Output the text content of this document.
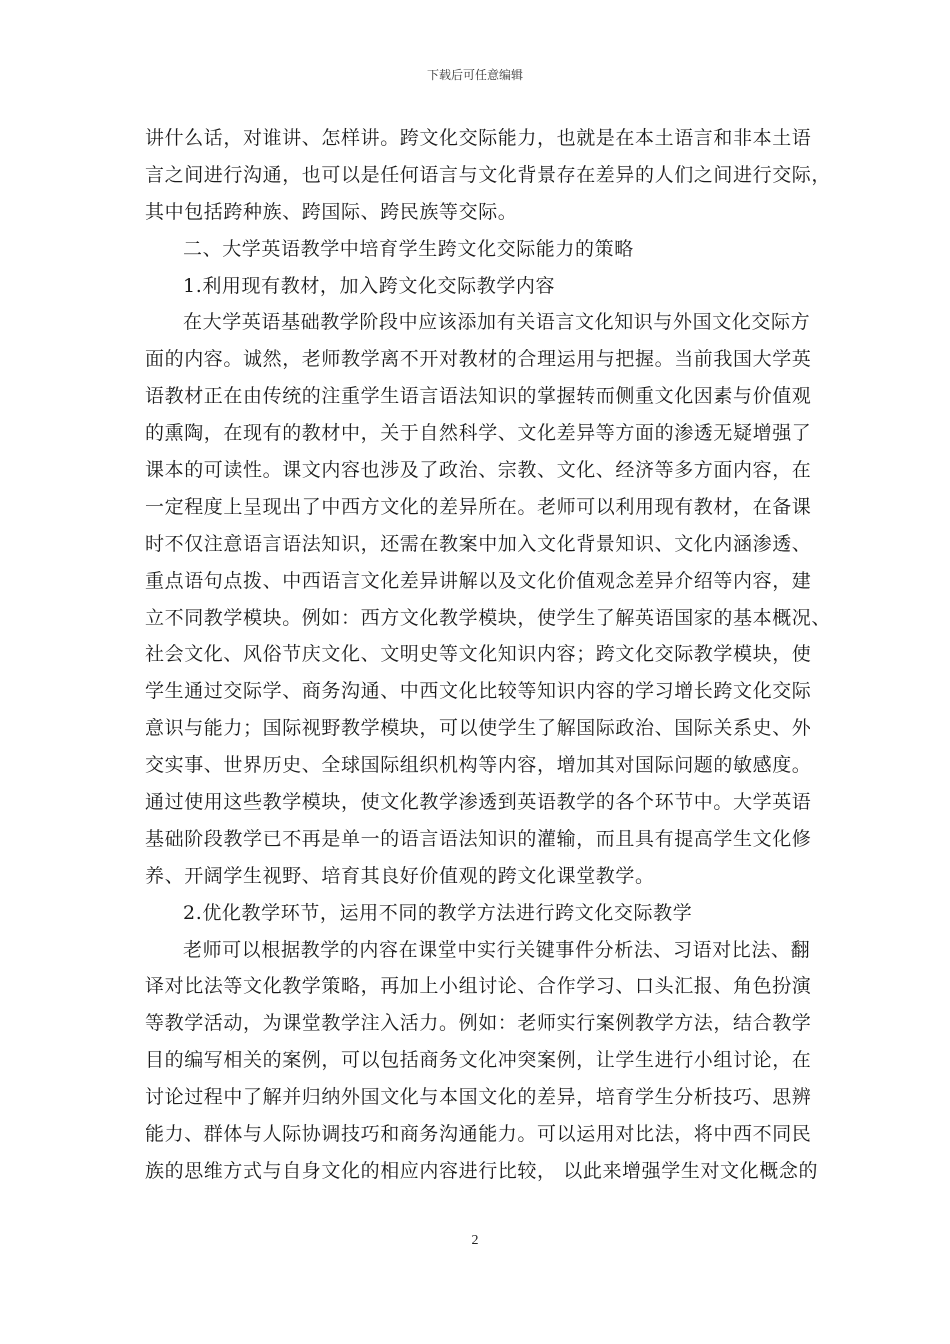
下载后可任意编辑
讲什么话，对谁讲、怎样讲。跨文化交际能力，也就是在本土语言和非本土语
言之间进行沟通，也可以是任何语言与文化背景存在差异的人们之间进行交际，
其中包括跨种族、跨国际、跨民族等交际。
二、大学英语教学中培育学生跨文化交际能力的策略
1.利用现有教材，加入跨文化交际教学内容
在大学英语基础教学阶段中应该添加有关语言文化知识与外国文化交际方
面的内容。诚然，老师教学离不开对教材的合理运用与把握。当前我国大学英
语教材正在由传统的注重学生语言语法知识的掌握转而侧重文化因素与价值观
的熏陶，在现有的教材中，关于自然科学、文化差异等方面的渗透无疑增强了
课本的可读性。课文内容也涉及了政治、宗教、文化、经济等多方面内容，在
一定程度上呈现出了中西方文化的差异所在。老师可以利用现有教材，在备课
时不仅注意语言语法知识，还需在教案中加入文化背景知识、文化内涵渗透、
重点语句点拨、中西语言文化差异讲解以及文化价值观念差异介绍等内容，建
立不同教学模块。例如：西方文化教学模块，使学生了解英语国家的基本概况、
社会文化、风俗节庆文化、文明史等文化知识内容；跨文化交际教学模块，使
学生通过交际学、商务沟通、中西文化比较等知识内容的学习增长跨文化交际
意识与能力；国际视野教学模块，可以使学生了解国际政治、国际关系史、外
交实事、世界历史、全球国际组织机构等内容，增加其对国际问题的敏感度。
通过使用这些教学模块，使文化教学渗透到英语教学的各个环节中。大学英语
基础阶段教学已不再是单一的语言语法知识的灌输，而且具有提高学生文化修
养、开阔学生视野、培育其良好价值观的跨文化课堂教学。
2.优化教学环节，运用不同的教学方法进行跨文化交际教学
老师可以根据教学的内容在课堂中实行关键事件分析法、习语对比法、翻
译对比法等文化教学策略，再加上小组讨论、合作学习、口头汇报、角色扮演
等教学活动，为课堂教学注入活力。例如：老师实行案例教学方法，结合教学
目的编写相关的案例，可以包括商务文化冲突案例，让学生进行小组讨论，在
讨论过程中了解并归纳外国文化与本国文化的差异，培育学生分析技巧、思辨
能力、群体与人际协调技巧和商务沟通能力。可以运用对比法，将中西不同民
族的思维方式与自身文化的相应内容进行比较， 以此来增强学生对文化概念的
2
